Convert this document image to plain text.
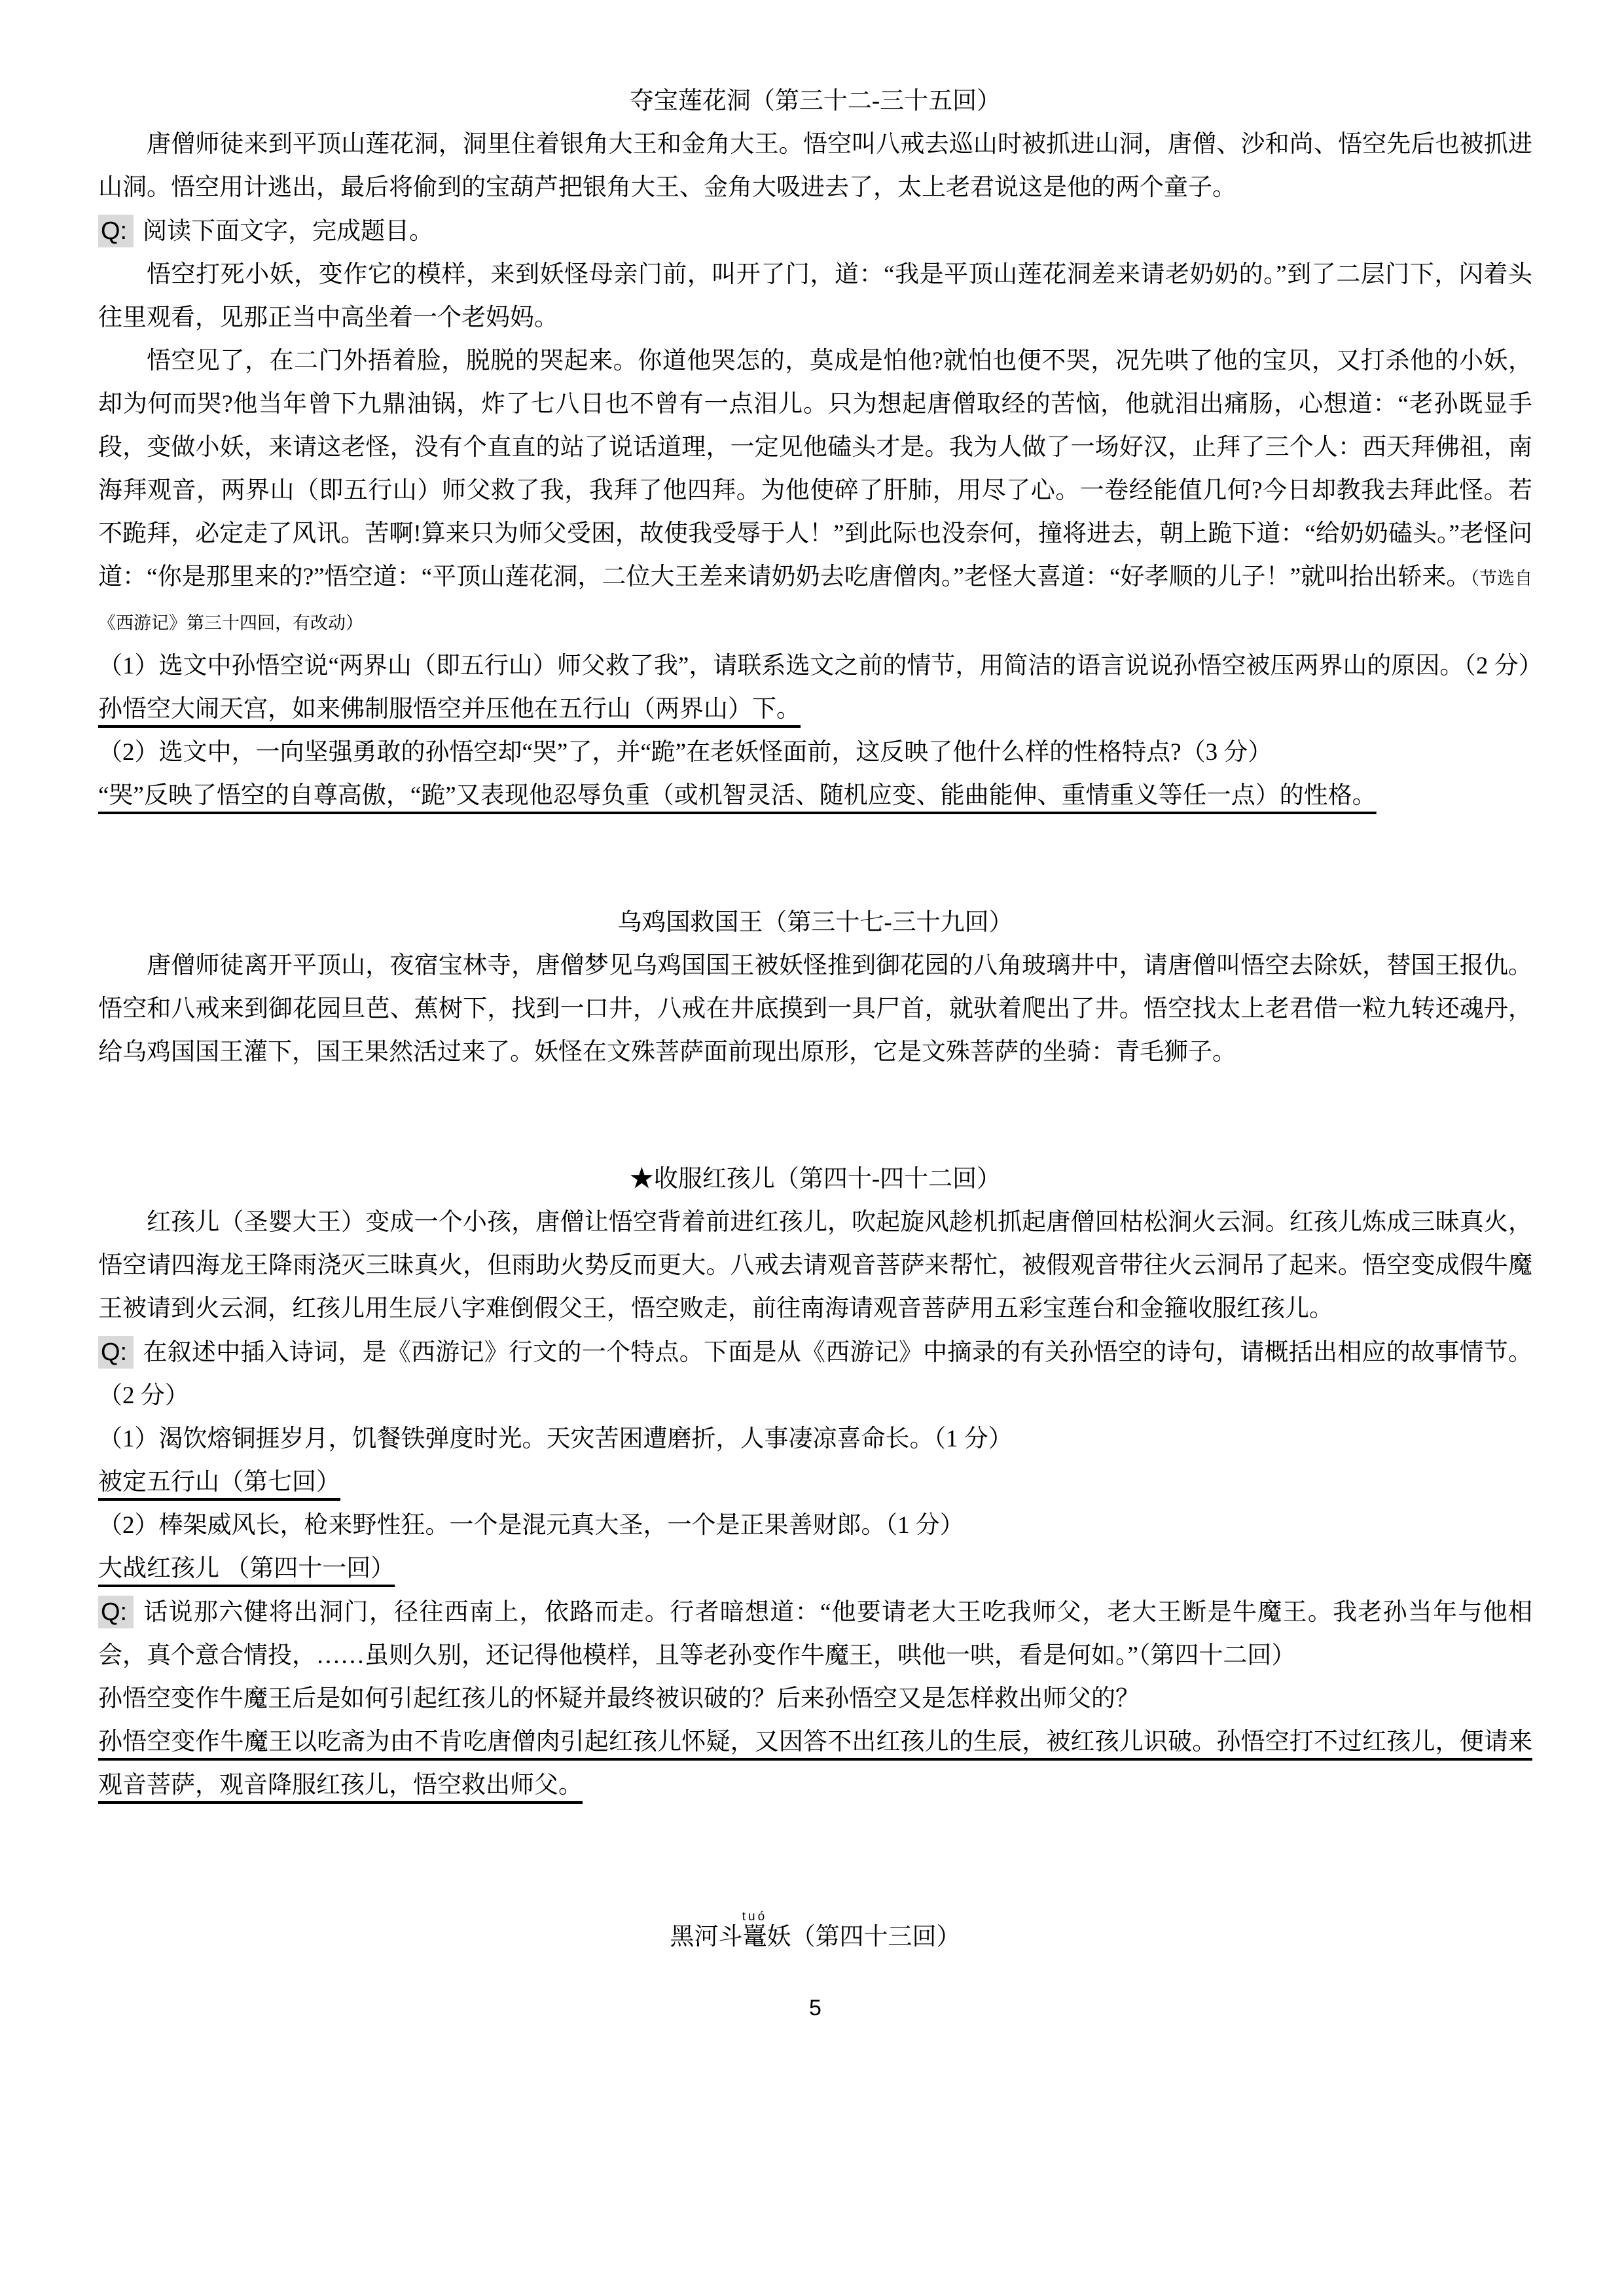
夺宝莲花洞（第三十二-三十五回）

唐僧师徒来到平顶山莲花洞，洞里住着银角大王和金角大王。悟空叫八戒去巡山时被抓进山洞，唐僧、沙和尚、悟空先后也被抓进山洞。悟空用计逃出，最后将偷到的宝葫芦把银角大王、金角大吸进去了，太上老君说这是他的两个童子。

Q: 阅读下面文字，完成题目。

悟空打死小妖，变作它的模样，来到妖怪母亲门前，叫开了门，道：“我是平顶山莲花洞差来请老奶奶的。”到了二层门下，闪着头往里观看，见那正当中高坐着一个老妈妈。

悟空见了，在二门外捂着脸，脱脱的哭起来。你道他哭怎的，莫成是怕他?就怕也便不哭，况先哄了他的宝贝，又打杀他的小妖，却为何而哭?他当年曾下九鼎油锅，炸了七八日也不曾有一点泪儿。只为想起唐僧取经的苦恼，他就泪出痛肠，心想道：“老孙既显手段，变做小妖，来请这老怪，没有个直直的站了说话道理，一定见他磕头才是。我为人做了一场好汉，止拜了三个人：西天拜佛祖，南海拜观音，两界山（即五行山）师父救了我，我拜了他四拜。为他使碎了肝肺，用尽了心。一卷经能值几何?今日却教我去拜此怪。若不跪拜，必定走了风讯。苦啊!算来只为师父受困，故使我受辱于人！”到此际也没奈何，撞将进去，朝上跪下道：“给奶奶磕头。”老怪问道：“你是那里来的?”悟空道：“平顶山莲花洞，二位大王差来请奶奶去吃唐僧肉。”老怪大喜道：“好孝顺的儿子！”就叫抬出轿来。（节选自《西游记》第三十四回，有改动）

（1）选文中孙悟空说“两界山（即五行山）师父救了我”，请联系选文之前的情节，用简洁的语言说说孙悟空被压两界山的原因。（2 分）孙悟空大闹天宫，如来佛制服悟空并压他在五行山（两界山）下。

（2）选文中，一向坚强勇敢的孙悟空却“哭”了，并“跪”在老妖怪面前，这反映了他什么样的性格特点?（3 分）

“哭”反映了悟空的自尊高傲，“跪”又表现他忍辱负重（或机智灵活、随机应变、能曲能伸、重情重义等任一点）的性格。

乌鸡国救国王（第三十七-三十九回）

唐僧师徒离开平顶山，夜宿宝林寺，唐僧梦见乌鸡国国王被妖怪推到御花园的八角玻璃井中，请唐僧叫悟空去除妖，替国王报仇。悟空和八戒来到御花园旦芭、蕉树下，找到一口井，八戒在井底摸到一具尸首，就驮着爬出了井。悟空找太上老君借一粒九转还魂丹，给乌鸡国国王灌下，国王果然活过来了。妖怪在文殊菩萨面前现出原形，它是文殊菩萨的坐骑：青毛狮子。

★收服红孩儿（第四十-四十二回）

红孩儿（圣婴大王）变成一个小孩，唐僧让悟空背着前进红孩儿，吹起旋风趁机抓起唐僧回枯松涧火云洞。红孩儿炼成三昧真火，悟空请四海龙王降雨浇灭三昧真火，但雨助火势反而更大。八戒去请观音菩萨来帮忙，被假观音带往火云洞吊了起来。悟空变成假牛魔王被请到火云洞，红孩儿用生辰八字难倒假父王，悟空败走，前往南海请观音菩萨用五彩宝莲台和金箍收服红孩儿。

Q: 在叙述中插入诗词，是《西游记》行文的一个特点。下面是从《西游记》中摘录的有关孙悟空的诗句，请概括出相应的故事情节。（2 分）

（1）渴饮熔铜捱岁月，饥餐铁弹度时光。天灾苦困遭磨折，人事凄凉喜命长。（1 分）

被定五行山（第七回）

（2）棒架威风长，枪来野性狂。一个是混元真大圣，一个是正果善财郎。（1 分）

大战红孩儿 （第四十一回）

Q: 话说那六健将出洞门，径往西南上，依路而走。行者暗想道：“他要请老大王吃我师父，老大王断是牛魔王。我老孙当年与他相会，真个意合情投，……虽则久别，还记得他模样，且等老孙变作牛魔王，哄他一哄，看是何如。”（第四十二回）

孙悟空变作牛魔王后是如何引起红孩儿的怀疑并最终被识破的？后来孙悟空又是怎样救出师父的？

孙悟空变作牛魔王以吃斋为由不肯吃唐僧肉引起红孩儿怀疑，又因答不出红孩儿的生辰，被红孩儿识破。孙悟空打不过红孩儿，便请来观音菩萨，观音降服红孩儿，悟空救出师父。

黑河斗鼍tuó妖（第四十三回）

5
